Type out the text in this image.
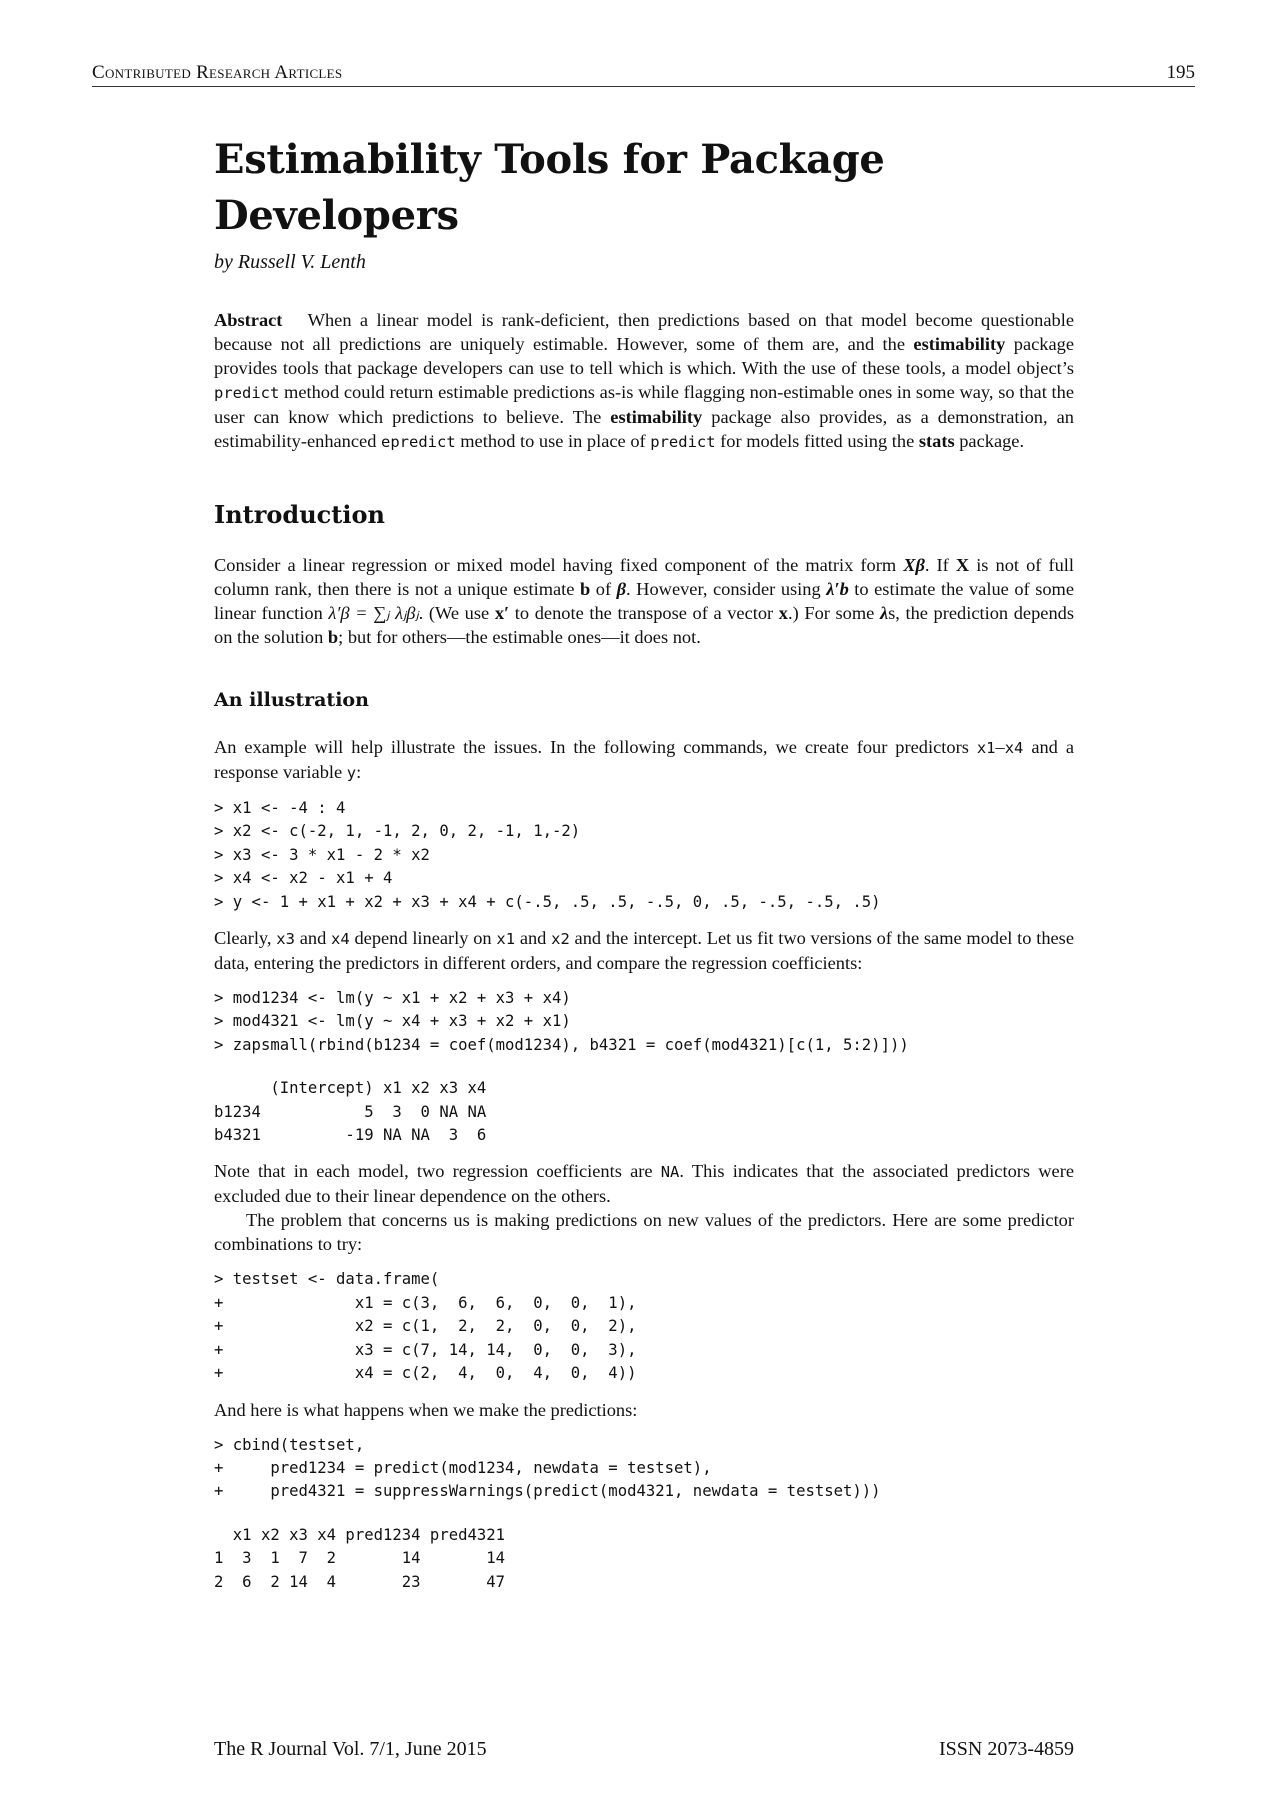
Contributed Research Articles	195
Estimability Tools for Package
Developers

by Russell V. Lenth

Abstract When a linear model is rank-deficient, then predictions based on that model become questionable because not all predictions are uniquely estimable. However, some of them are, and the estimability package provides tools that package developers can use to tell which is which. With the use of these tools, a model object’s predict method could return estimable predictions as-is while flagging non-estimable ones in some way, so that the user can know which predictions to believe. The estimability package also provides, as a demonstration, an estimability-enhanced epredict method to use in place of predict for models fitted using the stats package.

Introduction

Consider a linear regression or mixed model having fixed component of the matrix form Xβ. If X is not of full column rank, then there is not a unique estimate b of β. However, consider using λ′b to estimate the value of some linear function λ′β = ∑ⱼ λⱼβⱼ. (We use x′ to denote the transpose of a vector x.) For some λs, the prediction depends on the solution b; but for others—the estimable ones—it does not.

An illustration

An example will help illustrate the issues. In the following commands, we create four predictors x1–x4 and a response variable y:

> x1 <- -4 : 4
> x2 <- c(-2, 1, -1, 2, 0, 2, -1, 1,-2)
> x3 <- 3 * x1 - 2 * x2
> x4 <- x2 - x1 + 4
> y <- 1 + x1 + x2 + x3 + x4 + c(-.5, .5, .5, -.5, 0, .5, -.5, -.5, .5)

Clearly, x3 and x4 depend linearly on x1 and x2 and the intercept. Let us fit two versions of the same model to these data, entering the predictors in different orders, and compare the regression coefficients:

> mod1234 <- lm(y ~ x1 + x2 + x3 + x4)
> mod4321 <- lm(y ~ x4 + x3 + x2 + x1)
> zapsmall(rbind(b1234 = coef(mod1234), b4321 = coef(mod4321)[c(1, 5:2)]))
(Intercept) x1 x2 x3 x4
b1234           5  3  0 NA NA
b4321         -19 NA NA  3  6

Note that in each model, two regression coefficients are NA. This indicates that the associated predictors were excluded due to their linear dependence on the others.

The problem that concerns us is making predictions on new values of the predictors. Here are some predictor combinations to try:

> testset <- data.frame(
+              x1 = c(3,  6,  6,  0,  0,  1),
+              x2 = c(1,  2,  2,  0,  0,  2),
+              x3 = c(7, 14, 14,  0,  0,  3),
+              x4 = c(2,  4,  0,  4,  0,  4))

And here is what happens when we make the predictions:

> cbind(testset,
+     pred1234 = predict(mod1234, newdata = testset),
+     pred4321 = suppressWarnings(predict(mod4321, newdata = testset)))
x1 x2 x3 x4 pred1234 pred4321
1  3  1  7  2       14       14
2  6  2 14  4       23       47
The R Journal Vol. 7/1, June 2015	ISSN 2073-4859
